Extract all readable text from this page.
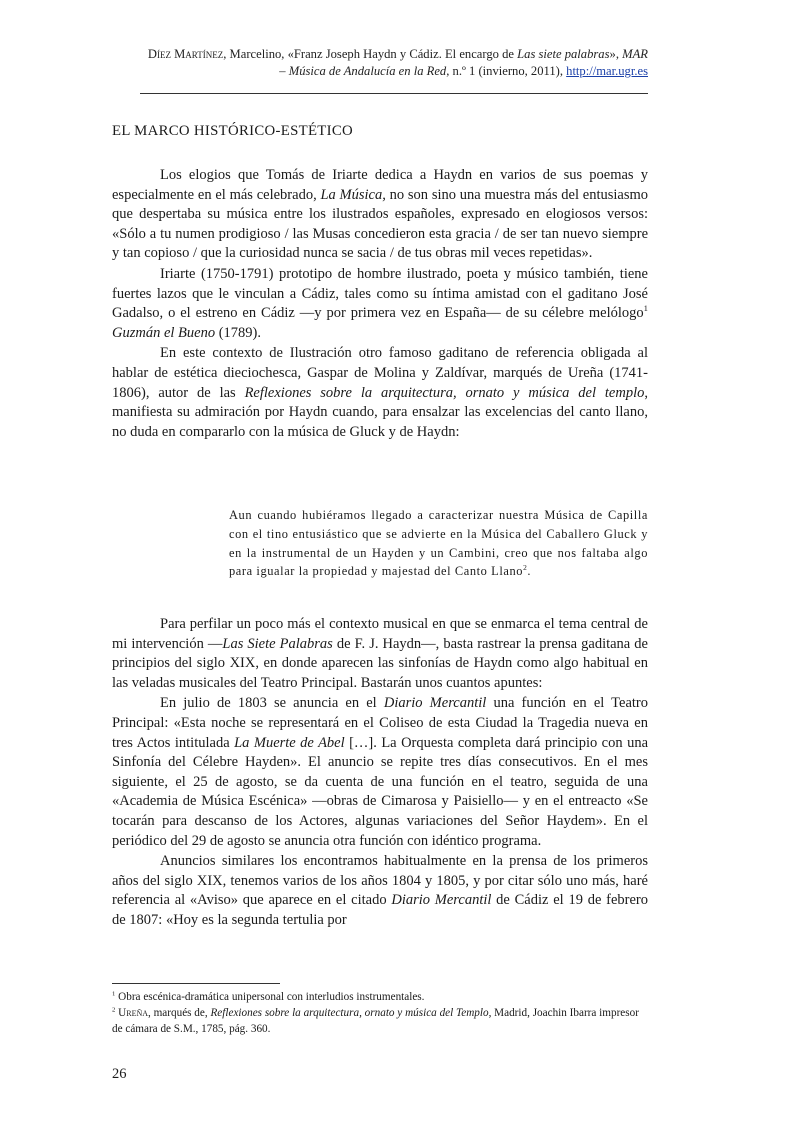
Díez Martínez, Marcelino, «Franz Joseph Haydn y Cádiz. El encargo de Las siete palabras», MAR
– Música de Andalucía en la Red, n.º 1 (invierno, 2011), http://mar.ugr.es
EL MARCO HISTÓRICO-ESTÉTICO

Los elogios que Tomás de Iriarte dedica a Haydn en varios de sus poemas y especialmente en el más celebrado, La Música, no son sino una muestra más del entusiasmo que despertaba su música entre los ilustrados españoles, expresado en elogiosos versos: «Sólo a tu numen prodigioso / las Musas concedieron esta gracia / de ser tan nuevo siempre y tan copioso / que la curiosidad nunca se sacia / de tus obras mil veces repetidas».

Iriarte (1750-1791) prototipo de hombre ilustrado, poeta y músico también, tiene fuertes lazos que le vinculan a Cádiz, tales como su íntima amistad con el gaditano José Gadalso, o el estreno en Cádiz —y por primera vez en España— de su célebre melólogo$^1$ Guzmán el Bueno (1789).

En este contexto de Ilustración otro famoso gaditano de referencia obligada al hablar de estética dieciochesca, Gaspar de Molina y Zaldívar, marqués de Ureña (1741-1806), autor de las Reflexiones sobre la arquitectura, ornato y música del templo, manifiesta su admiración por Haydn cuando, para ensalzar las excelencias del canto llano, no duda en compararlo con la música de Gluck y de Haydn:

Aun cuando hubiéramos llegado a caracterizar nuestra Música de Capilla con el tino entusiástico que se advierte en la Música del Caballero Gluck y en la instrumental de un Hayden y un Cambini, creo que nos faltaba algo para igualar la propiedad y majestad del Canto Llano$^2$.

Para perfilar un poco más el contexto musical en que se enmarca el tema central de mi intervención —Las Siete Palabras de F. J. Haydn—, basta rastrear la prensa gaditana de principios del siglo XIX, en donde aparecen las sinfonías de Haydn como algo habitual en las veladas musicales del Teatro Principal. Bastarán unos cuantos apuntes:

En julio de 1803 se anuncia en el Diario Mercantil una función en el Teatro Principal: «Esta noche se representará en el Coliseo de esta Ciudad la Tragedia nueva en tres Actos intitulada La Muerte de Abel […]. La Orquesta completa dará principio con una Sinfonía del Célebre Hayden». El anuncio se repite tres días consecutivos. En el mes siguiente, el 25 de agosto, se da cuenta de una función en el teatro, seguida de una «Academia de Música Escénica» —obras de Cimarosa y Paisiello— y en el entreacto «Se tocarán para descanso de los Actores, algunas variaciones del Señor Haydem». En el periódico del 29 de agosto se anuncia otra función con idéntico programa.

Anuncios similares los encontramos habitualmente en la prensa de los primeros años del siglo XIX, tenemos varios de los años 1804 y 1805, y por citar sólo uno más, haré referencia al «Aviso» que aparece en el citado Diario Mercantil de Cádiz el 19 de febrero de 1807: «Hoy es la segunda tertulia por

$^1$ Obra escénica-dramática unipersonal con interludios instrumentales.

$^2$ Ureña, marqués de, Reflexiones sobre la arquitectura, ornato y música del Templo, Madrid, Joachin Ibarra impresor de cámara de S.M., 1785, pág. 360.

26
